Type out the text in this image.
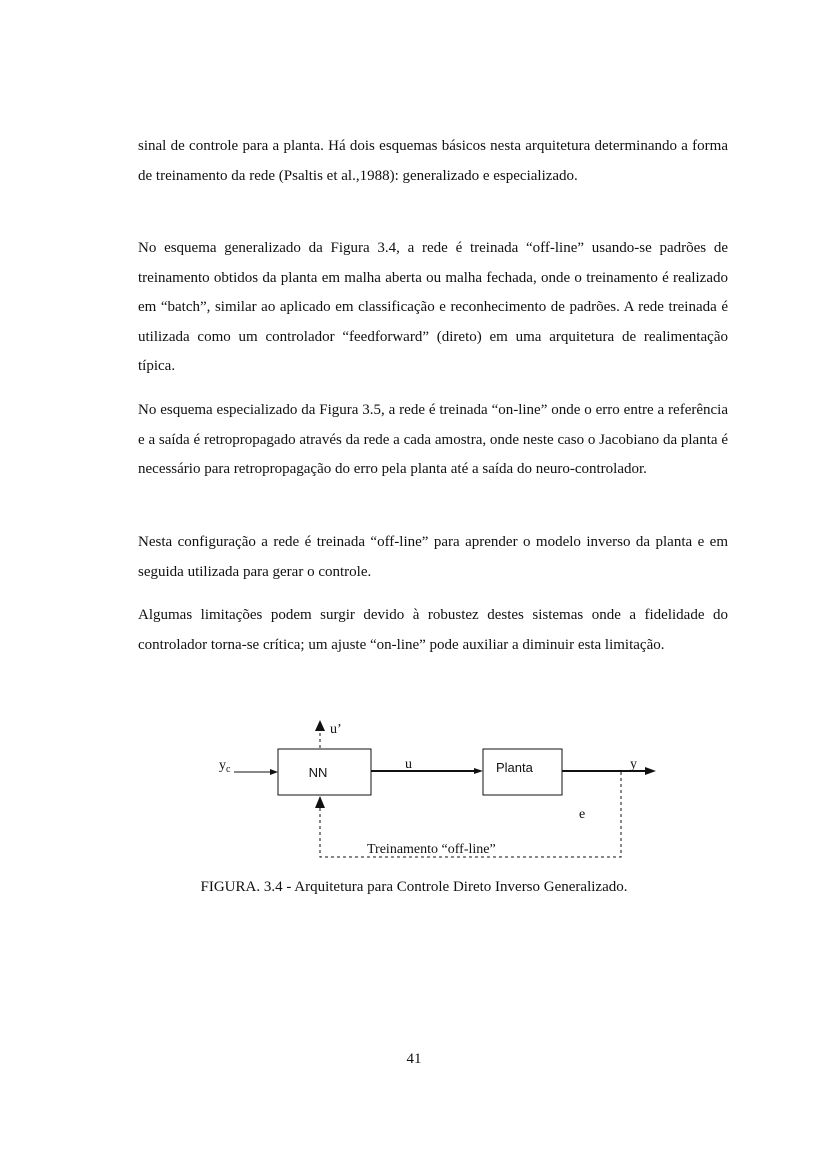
sinal de controle para a planta. Há dois esquemas básicos nesta arquitetura determinando a forma de treinamento da rede (Psaltis et al.,1988): generalizado e especializado.

No esquema generalizado da Figura 3.4, a rede é treinada “off-line” usando-se padrões de treinamento obtidos da planta em malha aberta ou malha fechada, onde o treinamento é realizado em “batch”, similar ao aplicado em classificação e reconhecimento de padrões. A rede treinada é utilizada como um controlador “feedforward” (direto) em uma arquitetura de realimentação típica.

No esquema especializado da Figura 3.5, a rede é treinada “on-line” onde o erro entre a referência e a saída é retropropagado através da rede a cada amostra, onde neste caso o Jacobiano da planta é necessário para retropropagação do erro pela planta até a saída do neuro-controlador.

Nesta configuração a rede é treinada “off-line” para aprender o modelo inverso da planta e em seguida utilizada para gerar o controle.

Algumas limitações podem surgir devido à robustez destes sistemas onde a fidelidade do controlador torna-se crítica; um ajuste “on-line” pode auxiliar a diminuir esta limitação.

$y_c$	NN
u’
u	Planta	y
e
Treinamento “off-line”
FIGURA. 3.4 - Arquitetura para Controle Direto Inverso Generalizado.
41
